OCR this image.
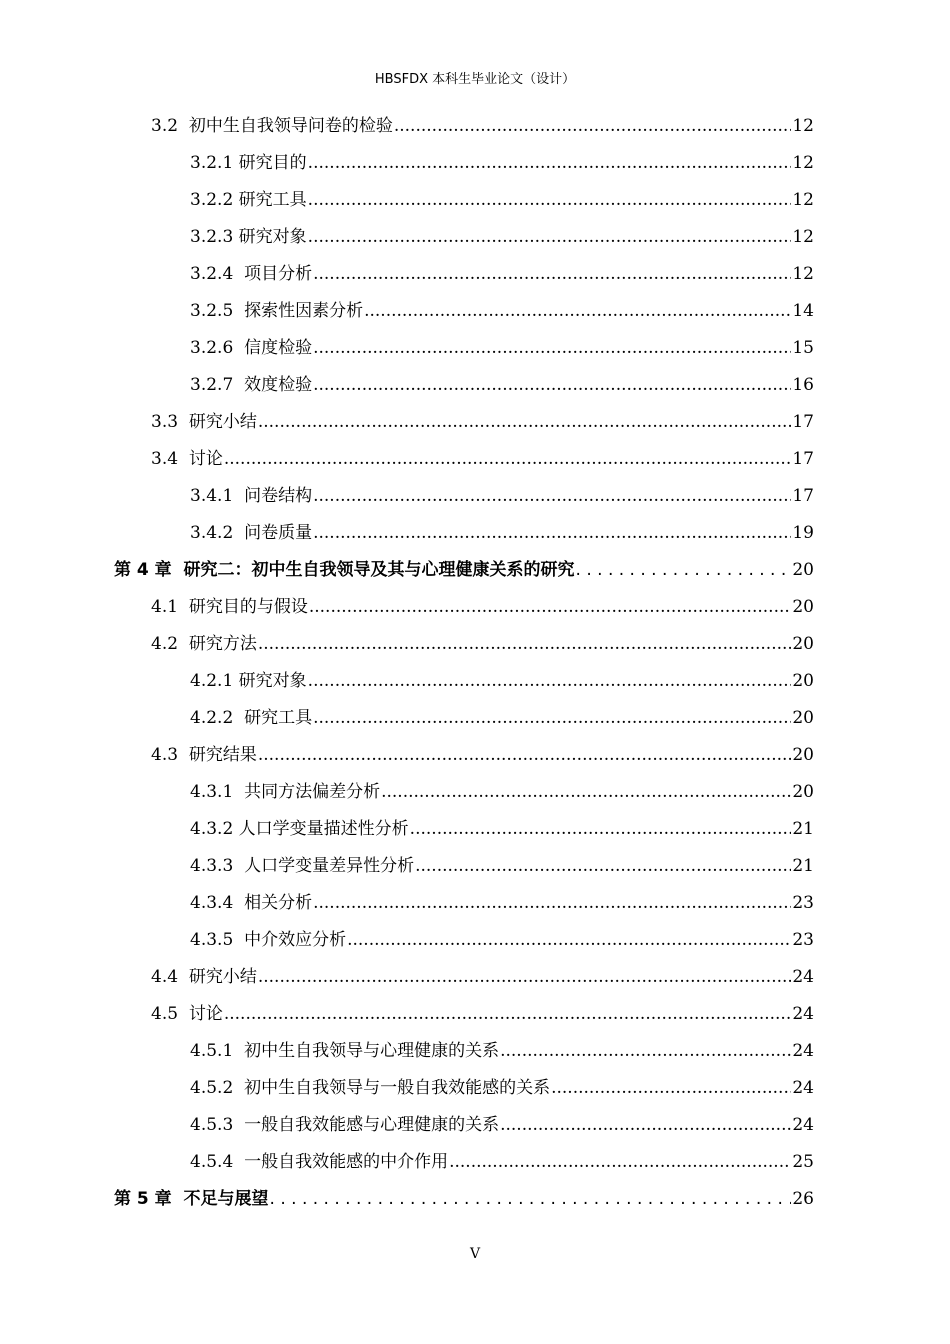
HBSFDX 本科生毕业论文（设计）
3.2 初中生自我领导问卷的检验 .....	12
3.2.1 研究目的 .....	12
3.2.2 研究工具 .....	12
3.2.3 研究对象 .....	12
3.2.4 项目分析 .....	12
3.2.5 探索性因素分析 .....	14
3.2.6 信度检验 .....	15
3.2.7 效度检验 .....	16
3.3 研究小结 .....	17
3.4 讨论 .....	17
3.4.1 问卷结构 .....	17
3.4.2 问卷质量 .....	19
第 4 章 研究二：初中生自我领导及其与心理健康关系的研究 . . .	20
4.1 研究目的与假设 .....	20
4.2 研究方法 .....	20
4.2.1 研究对象 .....	20
4.2.2 研究工具 .....	20
4.3 研究结果 .....	20
4.3.1 共同方法偏差分析 .....	20
4.3.2 人口学变量描述性分析 .....	21
4.3.3 人口学变量差异性分析 .....	21
4.3.4 相关分析 .....	23
4.3.5 中介效应分析 .....	23
4.4 研究小结 .....	24
4.5 讨论 .....	24
4.5.1 初中生自我领导与心理健康的关系 .....	24
4.5.2 初中生自我领导与一般自我效能感的关系 .....	24
4.5.3 一般自我效能感与心理健康的关系 .....	24
4.5.4 一般自我效能感的中介作用 .....	25
第 5 章 不足与展望 . . .	26
V
